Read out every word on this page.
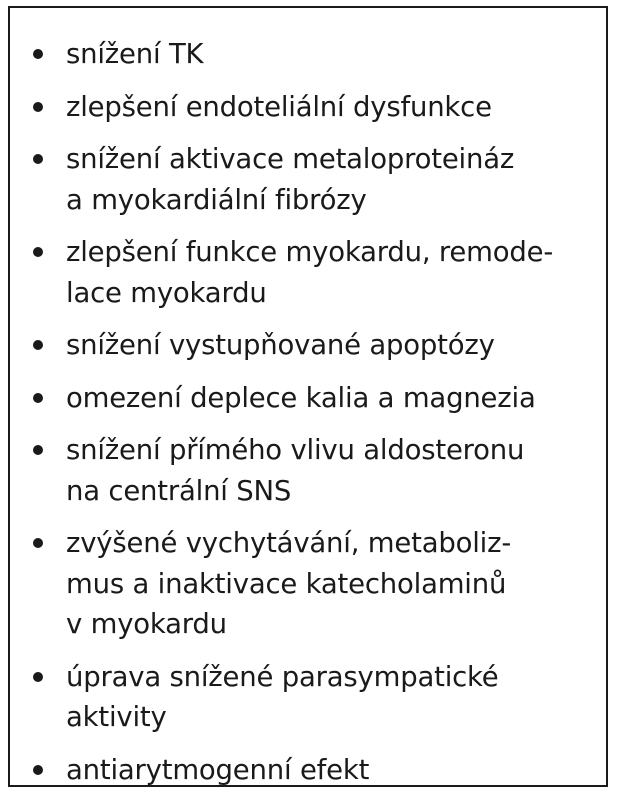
snížení TK
zlepšení endoteliální dysfunkce
snížení aktivace metaloproteináz
a myokardiální fibrózy
zlepšení funkce myokardu, remode-
lace myokardu
snížení vystupňované apoptózy
omezení deplece kalia a magnezia
snížení přímého vlivu aldosteronu
na centrální SNS
zvýšené vychytávání, metaboliz-
mus a inaktivace katecholaminů
v myokardu
úprava snížené parasympatické
aktivity
antiarytmogenní efekt
